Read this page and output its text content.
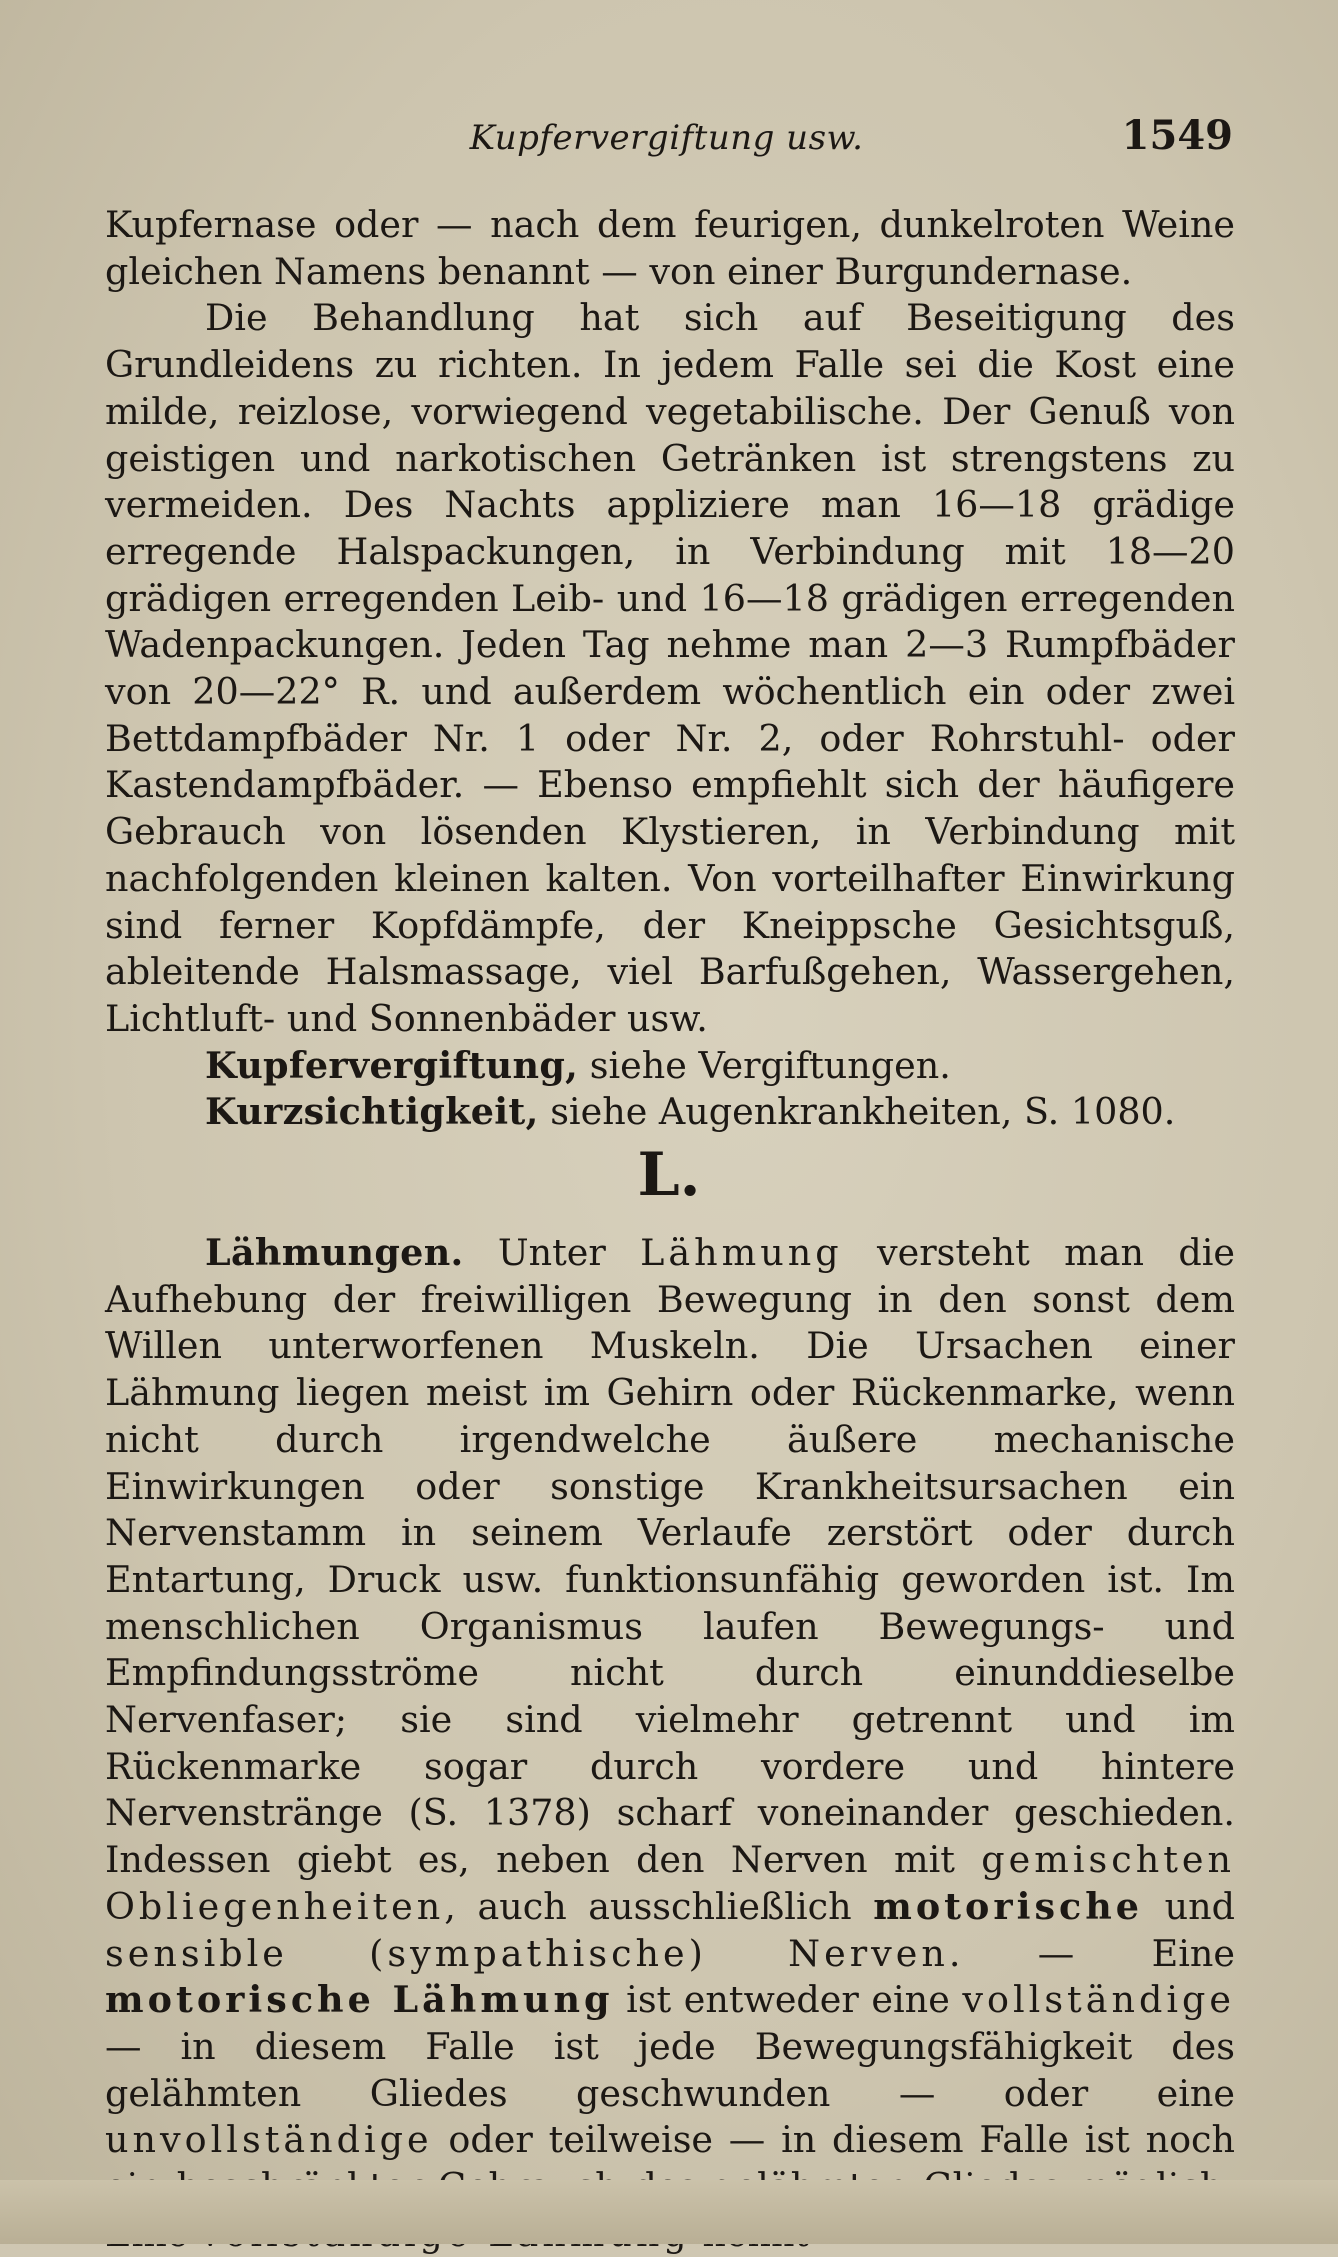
Kupfervergiftung usw.	1549

Kupfernase oder — nach dem feurigen, dunkelroten Weine gleichen Namens benannt — von einer Burgundernase.

Die Behandlung hat sich auf Beseitigung des Grundleidens zu richten. In jedem Falle sei die Kost eine milde, reizlose, vorwiegend vegetabilische. Der Genuß von geistigen und narkotischen Getränken ist strengstens zu vermeiden. Des Nachts appliziere man 16—18 grädige erregende Halspackungen, in Verbindung mit 18—20 grädigen erregenden Leib- und 16—18 grädigen erregenden Wadenpackungen. Jeden Tag nehme man 2—3 Rumpfbäder von 20—22° R. und außerdem wöchentlich ein oder zwei Bettdampfbäder Nr. 1 oder Nr. 2, oder Rohrstuhl- oder Kastendampfbäder. — Ebenso empfiehlt sich der häufigere Gebrauch von lösenden Klystieren, in Verbindung mit nachfolgenden kleinen kalten. Von vorteilhafter Einwirkung sind ferner Kopfdämpfe, der Kneippsche Gesichtsguß, ableitende Halsmassage, viel Barfußgehen, Wassergehen, Lichtluft- und Sonnenbäder usw.

Kupfervergiftung, siehe Vergiftungen.

Kurzsichtigkeit, siehe Augenkrankheiten, S. 1080.

L.

Lähmungen. Unter Lähmung versteht man die Aufhebung der freiwilligen Bewegung in den sonst dem Willen unterworfenen Muskeln. Die Ursachen einer Lähmung liegen meist im Gehirn oder Rückenmarke, wenn nicht durch irgendwelche äußere mechanische Einwirkungen oder sonstige Krankheitsursachen ein Nervenstamm in seinem Verlaufe zerstört oder durch Entartung, Druck usw. funktionsunfähig geworden ist. Im menschlichen Organismus laufen Bewegungs- und Empfindungsströme nicht durch einunddieselbe Nervenfaser; sie sind vielmehr getrennt und im Rückenmarke sogar durch vordere und hintere Nervenstränge (S. 1378) scharf voneinander geschieden. Indessen giebt es, neben den Nerven mit gemischten Obliegenheiten, auch ausschließlich motorische und sensible (sympathische) Nerven. — Eine motorische Lähmung ist entweder eine vollständige — in diesem Falle ist jede Bewegungsfähigkeit des gelähmten Gliedes geschwunden — oder eine unvollständige oder teilweise — in diesem Falle ist noch
